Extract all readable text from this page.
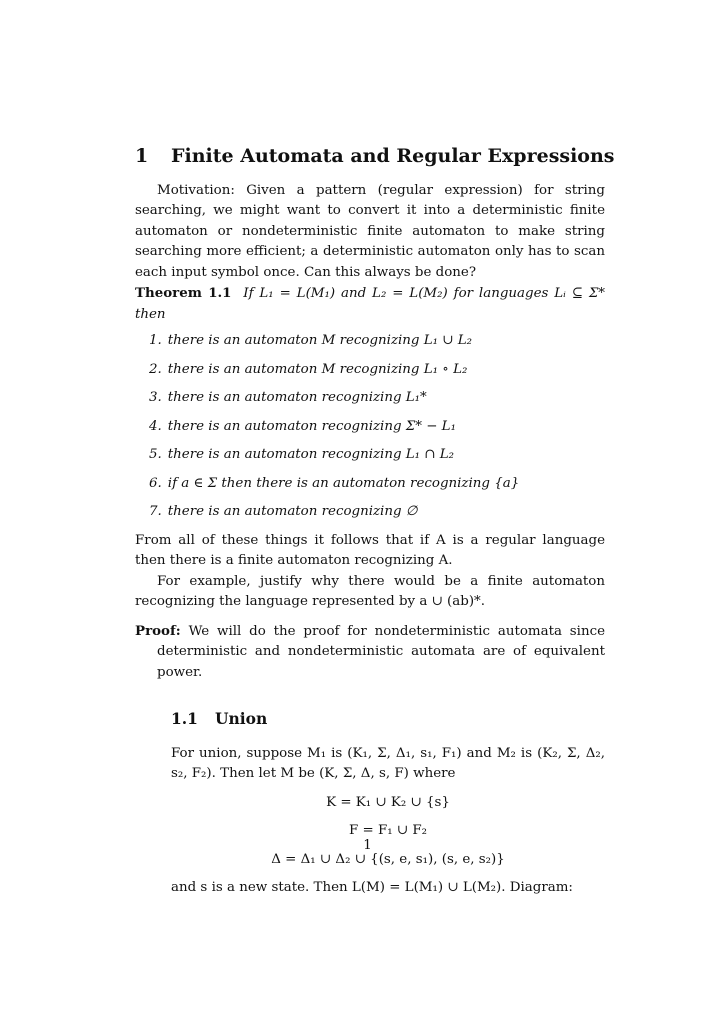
1 Finite Automata and Regular Expressions

Motivation: Given a pattern (regular expression) for string searching, we might want to convert it into a deterministic finite automaton or nondeterministic finite automaton to make string searching more efficient; a deterministic automaton only has to scan each input symbol once. Can this always be done?

Theorem 1.1 If L₁ = L(M₁) and L₂ = L(M₂) for languages Lᵢ ⊆ Σ* then

1. there is an automaton M recognizing L₁ ∪ L₂
2. there is an automaton M recognizing L₁ ∘ L₂
3. there is an automaton recognizing L₁*
4. there is an automaton recognizing Σ* − L₁
5. there is an automaton recognizing L₁ ∩ L₂
6. if a ∈ Σ then there is an automaton recognizing {a}
7. there is an automaton recognizing ∅

From all of these things it follows that if A is a regular language then there is a finite automaton recognizing A.

For example, justify why there would be a finite automaton recognizing the language represented by a ∪ (ab)*.

Proof: We will do the proof for nondeterministic automata since deterministic and nondeterministic automata are of equivalent power.

1.1 Union

For union, suppose M₁ is (K₁, Σ, Δ₁, s₁, F₁) and M₂ is (K₂, Σ, Δ₂, s₂, F₂). Then let M be (K, Σ, Δ, s, F) where

K = K₁ ∪ K₂ ∪ {s}
F = F₁ ∪ F₂
Δ = Δ₁ ∪ Δ₂ ∪ {(s, e, s₁), (s, e, s₂)}

and s is a new state. Then L(M) = L(M₁) ∪ L(M₂). Diagram:

1
